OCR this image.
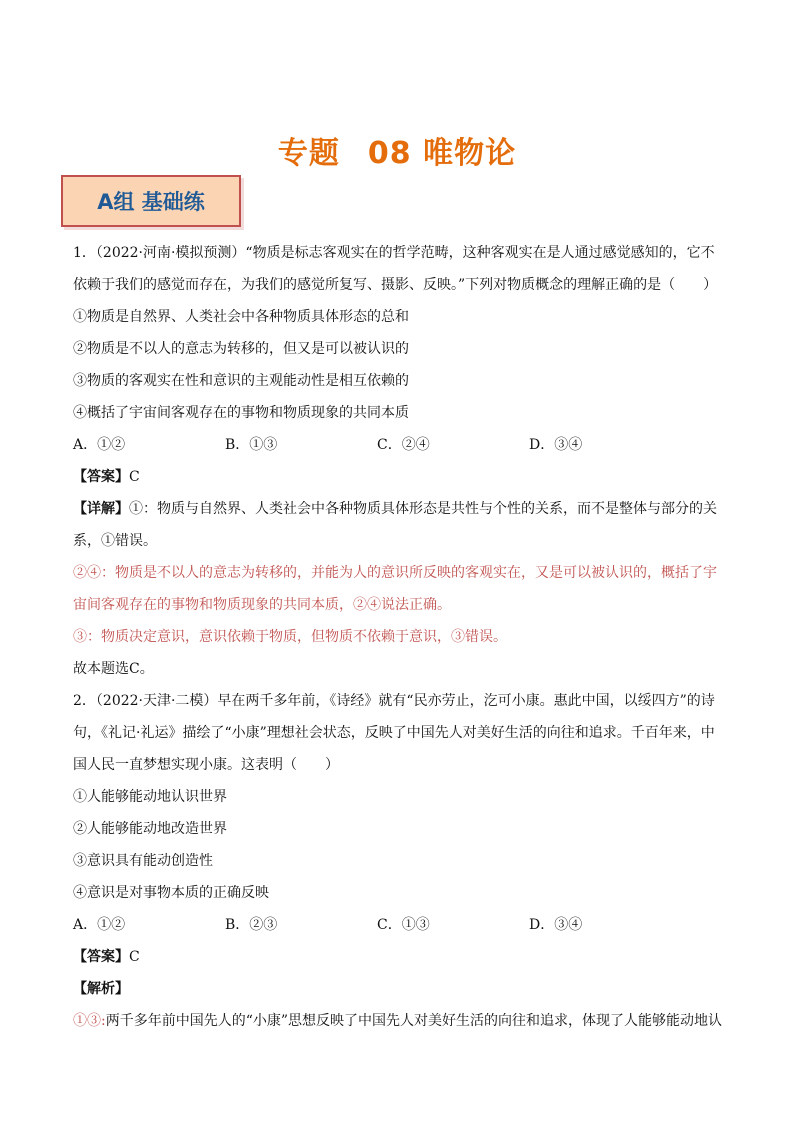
专题 08 唯物论
A组 基础练

1．（2022·河南·模拟预测）“物质是标志客观实在的哲学范畴，这种客观实在是人通过感觉感知的，它不依赖于我们的感觉而存在，为我们的感觉所复写、摄影、反映。”下列对物质概念的理解正确的是（　　）

①物质是自然界、人类社会中各种物质具体形态的总和

②物质是不以人的意志为转移的，但又是可以被认识的

③物质的客观实在性和意识的主观能动性是相互依赖的

④概括了宇宙间客观存在的事物和物质现象的共同本质

A．①②	B．①③	C．②④	D．③④

【答案】C

【详解】①：物质与自然界、人类社会中各种物质具体形态是共性与个性的关系，而不是整体与部分的关系，①错误。

②④：物质是不以人的意志为转移的，并能为人的意识所反映的客观实在，又是可以被认识的，概括了宇宙间客观存在的事物和物质现象的共同本质，②④说法正确。

③：物质决定意识，意识依赖于物质，但物质不依赖于意识，③错误。

故本题选C。

2．（2022·天津·二模）早在两千多年前，《诗经》就有“民亦劳止，汔可小康。惠此中国，以绥四方”的诗句，《礼记·礼运》描绘了“小康”理想社会状态，反映了中国先人对美好生活的向往和追求。千百年来，中国人民一直梦想实现小康。这表明（　　）

①人能够能动地认识世界

②人能够能动地改造世界

③意识具有能动创造性

④意识是对事物本质的正确反映

A．①②	B．②③	C．①③	D．③④

【答案】C

【解析】

①③:两千多年前中国先人的“小康”思想反映了中国先人对美好生活的向往和追求，体现了人能够能动地认
